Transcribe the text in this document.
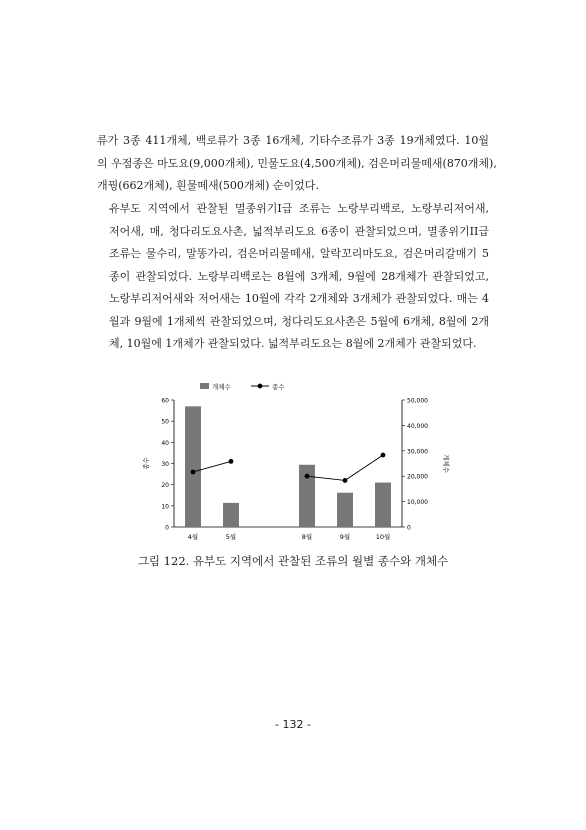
류가 3종 411개체, 백로류가 3종 16개체, 기타수조류가 3종 19개체였다. 10월
의 우점종은 마도요(9,000개체), 민물도요(4,500개체), 검은머리물떼새(870개체),
개꿩(662개체), 흰물떼새(500개체) 순이었다.
유부도 지역에서 관찰된 멸종위기I급 조류는 노랑부리백로, 노랑부리저어새,
저어새, 매, 청다리도요사촌, 넓적부리도요 6종이 관찰되었으며, 멸종위기II급
조류는 물수리, 말똥가리, 검은머리물떼새, 알락꼬리마도요, 검은머리갈매기 5
종이 관찰되었다. 노랑부리백로는 8월에 3개체, 9월에 28개체가 관찰되었고,
노랑부리저어새와 저어새는 10월에 각각 2개체와 3개체가 관찰되었다. 매는 4
월과 9월에 1개체씩 관찰되었으며, 청다리도요사촌은 5월에 6개체, 8월에 2개
체, 10월에 1개체가 관찰되었다. 넓적부리도요는 8월에 2개체가 관찰되었다.
0
10
20
30
40
50
60
0
10,000
20,000
30,000
40,000
50,000
종수	개체수
4월	5월	8월	9월	10월
개체수	종수
그림 122. 유부도 지역에서 관찰된 조류의 월별 종수와 개체수
- 132 -
